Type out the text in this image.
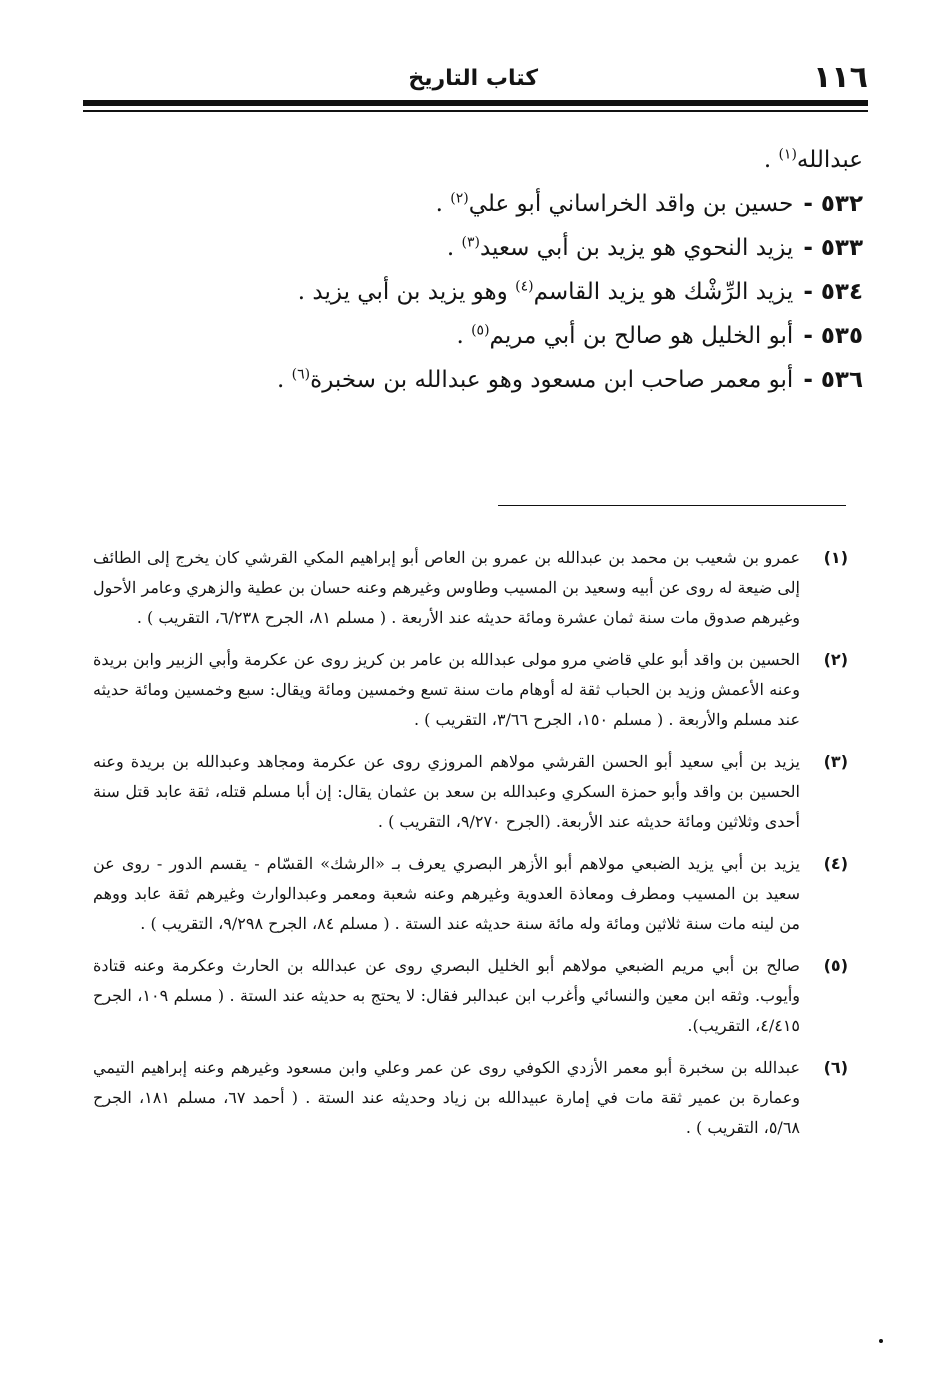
١١٦
كتاب التاريخ
عبدالله$^{(١)}$ .
٥٣٢ -
حسين بن واقد الخراساني أبو علي$^{(٢)}$ .
٥٣٣ -
يزيد النحوي هو يزيد بن أبي سعيد$^{(٣)}$ .
٥٣٤ -
يزيد الرِّشْك هو يزيد القاسم$^{(٤)}$ وهو يزيد بن أبي يزيد .
٥٣٥ -
أبو الخليل هو صالح بن أبي مريم$^{(٥)}$ .
٥٣٦ -
أبو معمر صاحب ابن مسعود وهو عبدالله بن سخبرة$^{(٦)}$ .
(١)
عمرو بن شعيب بن محمد بن عبدالله بن عمرو بن العاص أبو إبراهيم المكي القرشي كان يخرج إلى الطائف إلى ضيعة له روى عن أبيه وسعيد بن المسيب وطاوس وغيرهم وعنه حسان بن عطية والزهري وعامر الأحول وغيرهم صدوق مات سنة ثمان عشرة ومائة حديثه عند الأربعة . ( مسلم ٨١، الجرح ٦/٢٣٨، التقريب ) .
(٢)
الحسين بن واقد أبو علي قاضي مرو مولى عبدالله بن عامر بن كريز روى عن عكرمة وأبي الزبير وابن بريدة وعنه الأعمش وزيد بن الحباب ثقة له أوهام مات سنة تسع وخمسين ومائة ويقال: سبع وخمسين ومائة حديثه عند مسلم والأربعة . ( مسلم ١٥٠، الجرح ٣/٦٦، التقريب ) .
(٣)
يزيد بن أبي سعيد أبو الحسن القرشي مولاهم المروزي روى عن عكرمة ومجاهد وعبدالله بن بريدة وعنه الحسين بن واقد وأبو حمزة السكري وعبدالله بن سعد بن عثمان يقال: إن أبا مسلم قتله، ثقة عابد قتل سنة أحدى وثلاثين ومائة حديثه عند الأربعة. (الجرح ٩/٢٧٠، التقريب ) .
(٤)
يزيد بن أبي يزيد الضبعي مولاهم أبو الأزهر البصري يعرف بـ «الرشك» القسّام - يقسم الدور - روى عن سعيد بن المسيب ومطرف ومعاذة العدوية وغيرهم وعنه شعبة ومعمر وعبدالوارث وغيرهم ثقة عابد ووهم من لينه مات سنة ثلاثين ومائة وله مائة سنة حديثه عند الستة . ( مسلم ٨٤، الجرح ٩/٢٩٨، التقريب ) .
(٥)
صالح بن أبي مريم الضبعي مولاهم أبو الخليل البصري روى عن عبدالله بن الحارث وعكرمة وعنه قتادة وأيوب. وثقه ابن معين والنسائي وأغرب ابن عبدالبر فقال: لا يحتج به حديثه عند الستة . ( مسلم ١٠٩، الجرح ٤/٤١٥، التقريب).
(٦)
عبدالله بن سخبرة أبو معمر الأزدي الكوفي روى عن عمر وعلي وابن مسعود وغيرهم وعنه إبراهيم التيمي وعمارة بن عمير ثقة مات في إمارة عبيدالله بن زياد وحديثه عند الستة . ( أحمد ٦٧، مسلم ١٨١، الجرح ٥/٦٨، التقريب ) .
